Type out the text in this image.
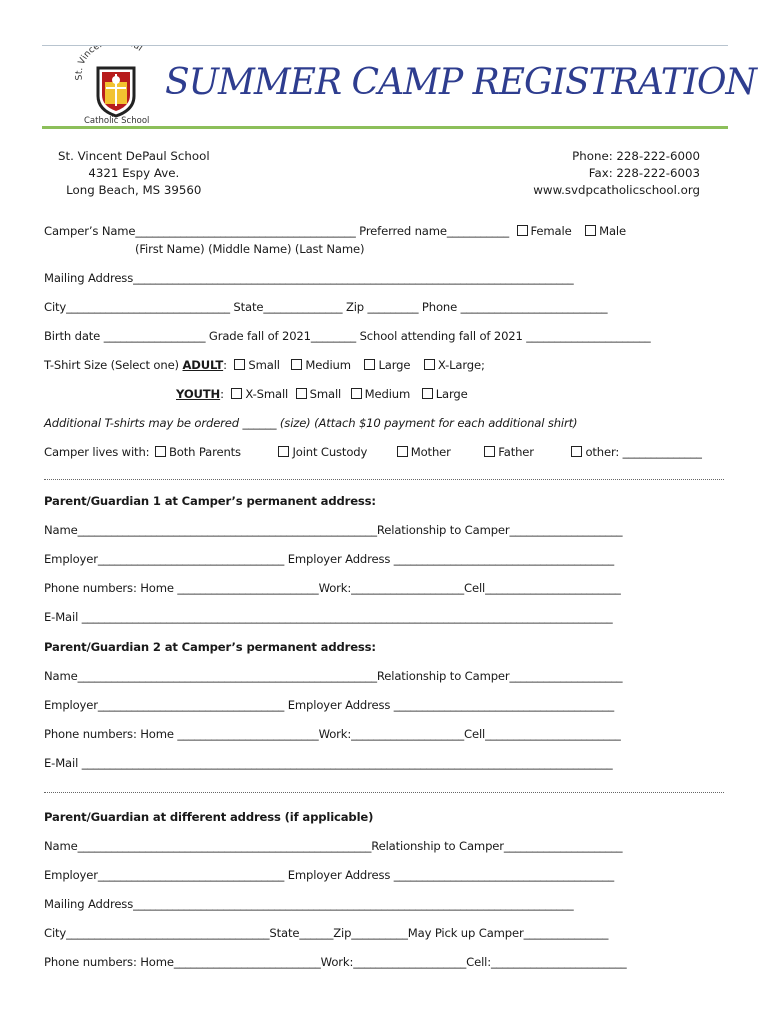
St. Vince ul
Catholic School
SUMMER CAMP REGISTRATION
St. Vincent DePaul School
4321 Espy Ave.
Long Beach, MS 39560
Phone: 228-222-6000
Fax: 228-222-6003
www.svdpcatholicschool.org
Camper’s Name_______________________________________ Preferred name___________ Female Male
(First Name) (Middle Name) (Last Name)
Mailing Address______________________________________________________________________________
City_____________________________ State______________ Zip _________ Phone __________________________
Birth date __________________ Grade fall of 2021________ School attending fall of 2021 ______________________
T-Shirt Size (Select one) ADULT: Small Medium Large X-Large;
YOUTH: X-Small Small Medium Large
Additional T-shirts may be ordered ______ (size) (Attach $10 payment for each additional shirt)
Camper lives with: Both Parents	Joint Custody	Mother	Father	other: ______________
Parent/Guardian 1 at Camper’s permanent address:
Name_____________________________________________________Relationship to Camper____________________
Employer_________________________________ Employer Address _______________________________________
Phone numbers: Home _________________________Work:____________________Cell________________________
E-Mail ______________________________________________________________________________________________
Parent/Guardian 2 at Camper’s permanent address:
Name_____________________________________________________Relationship to Camper____________________
Employer_________________________________ Employer Address _______________________________________
Phone numbers: Home _________________________Work:____________________Cell________________________
E-Mail ______________________________________________________________________________________________
Parent/Guardian at different address (if applicable)
Name____________________________________________________Relationship to Camper_____________________
Employer_________________________________ Employer Address _______________________________________
Mailing Address______________________________________________________________________________
City____________________________________State______Zip__________May Pick up Camper_______________
Phone numbers: Home__________________________Work:____________________Cell:________________________
